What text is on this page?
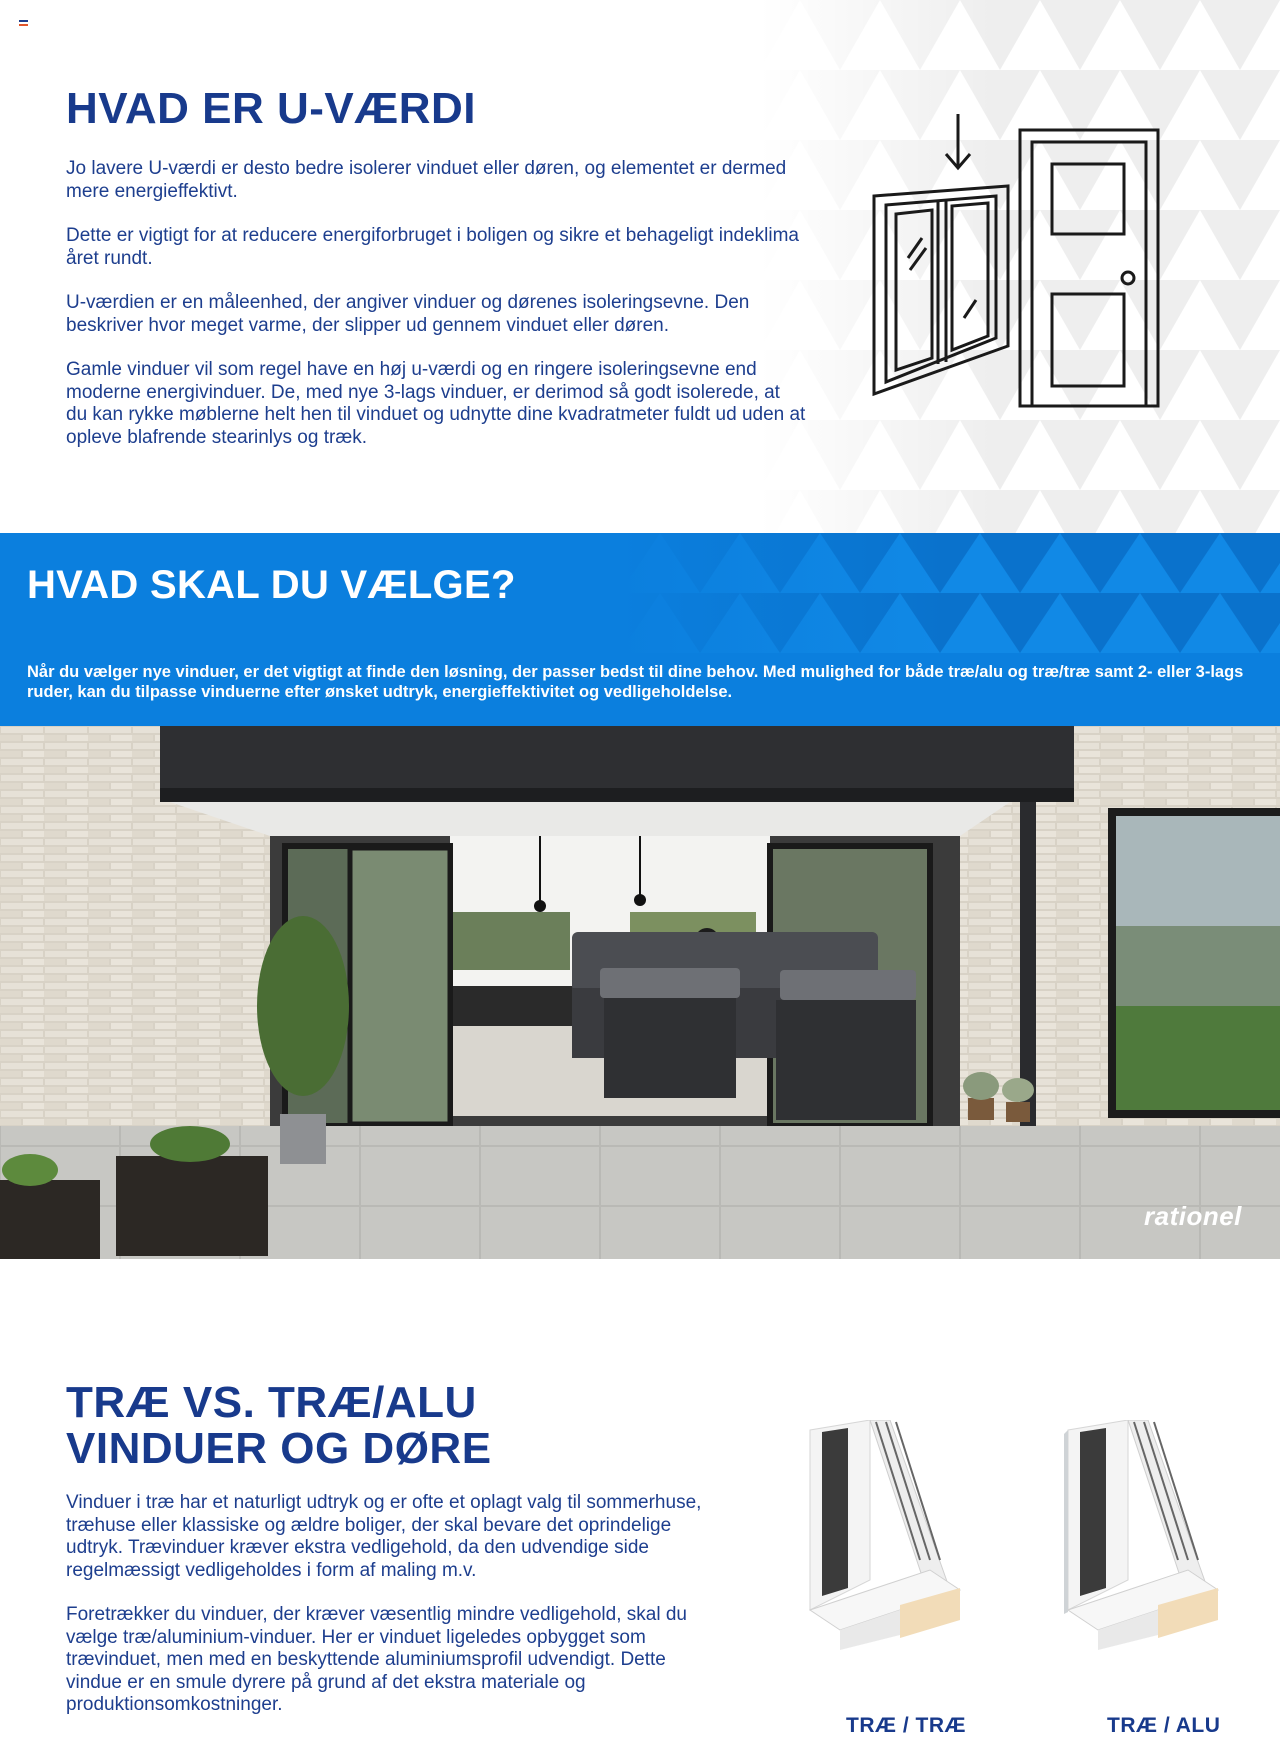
HVAD ER U-VÆRDI

Jo lavere U-værdi er desto bedre isolerer vinduet eller døren, og elementet er dermed mere energieffektivt.

Dette er vigtigt for at reducere energiforbruget i boligen og sikre et behageligt indeklima året rundt.

U-værdien er en måleenhed, der angiver vinduer og dørenes isoleringsevne. Den beskriver hvor meget varme, der slipper ud gennem vinduet eller døren.

Gamle vinduer vil som regel have en høj u-værdi og en ringere isoleringsevne end moderne energivinduer. De, med nye 3-lags vinduer, er derimod så godt isolerede, at du kan rykke møblerne helt hen til vinduet og udnytte dine kvadratmeter fuldt ud uden at opleve blafrende stearinlys og træk.

HVAD SKAL DU VÆLGE?

Når du vælger nye vinduer, er det vigtigt at finde den løsning, der passer bedst til dine behov. Med mulighed for både træ/alu og træ/træ samt 2- eller 3-lags ruder, kan du tilpasse vinduerne efter ønsket udtryk, energieffektivitet og vedligeholdelse.

rationel
TRÆ VS. TRÆ/ALU
VINDUER OG DØRE

Vinduer i træ har et naturligt udtryk og er ofte et oplagt valg til sommerhuse, træhuse eller klassiske og ældre boliger, der skal bevare det oprindelige udtryk. Trævinduer kræver ekstra vedligehold, da den udvendige side regelmæssigt vedligeholdes i form af maling m.v.

Foretrækker du vinduer, der kræver væsentlig mindre vedligehold, skal du vælge træ/aluminium-vinduer. Her er vinduet ligeledes opbygget som trævinduet, men med en beskyttende aluminiumsprofil udvendigt. Dette vindue er en smule dyrere på grund af det ekstra materiale og produktionsomkostninger.

TRÆ / TRÆ	TRÆ / ALU
